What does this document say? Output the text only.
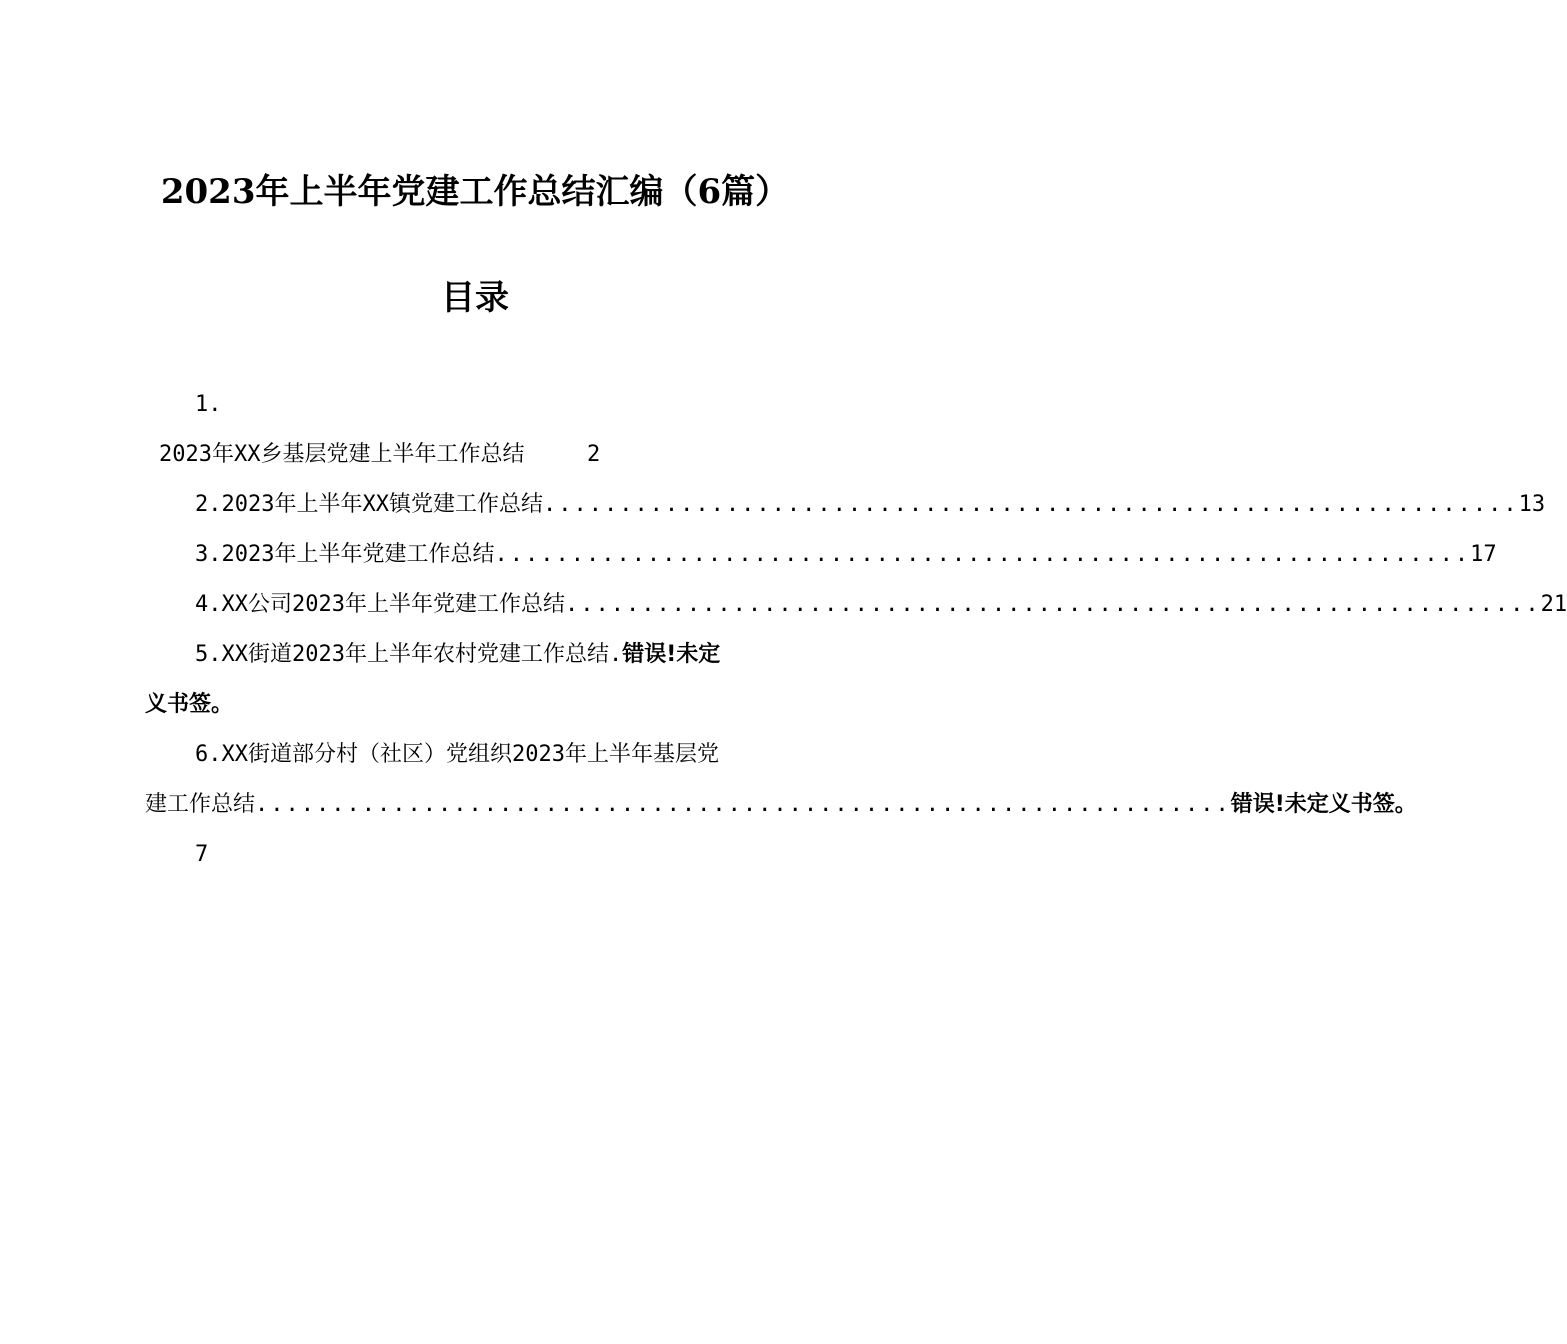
2023年上半年党建工作总结汇编（6篇）
目录
1.
2023年XX乡基层党建上半年工作总结	2
2.2023年上半年XX镇党建工作总结 ................................................................ 13
3.2023年上半年党建工作总结 ................................................................ 17
4.XX公司2023年上半年党建工作总结 ................................................................ 21
5.XX街道2023年上半年农村党建工作总结.错误!未定
义书签。
6.XX街道部分村（社区）党组织2023年上半年基层党
建工作总结 ................................................................ 错误!未定义书签。
7
